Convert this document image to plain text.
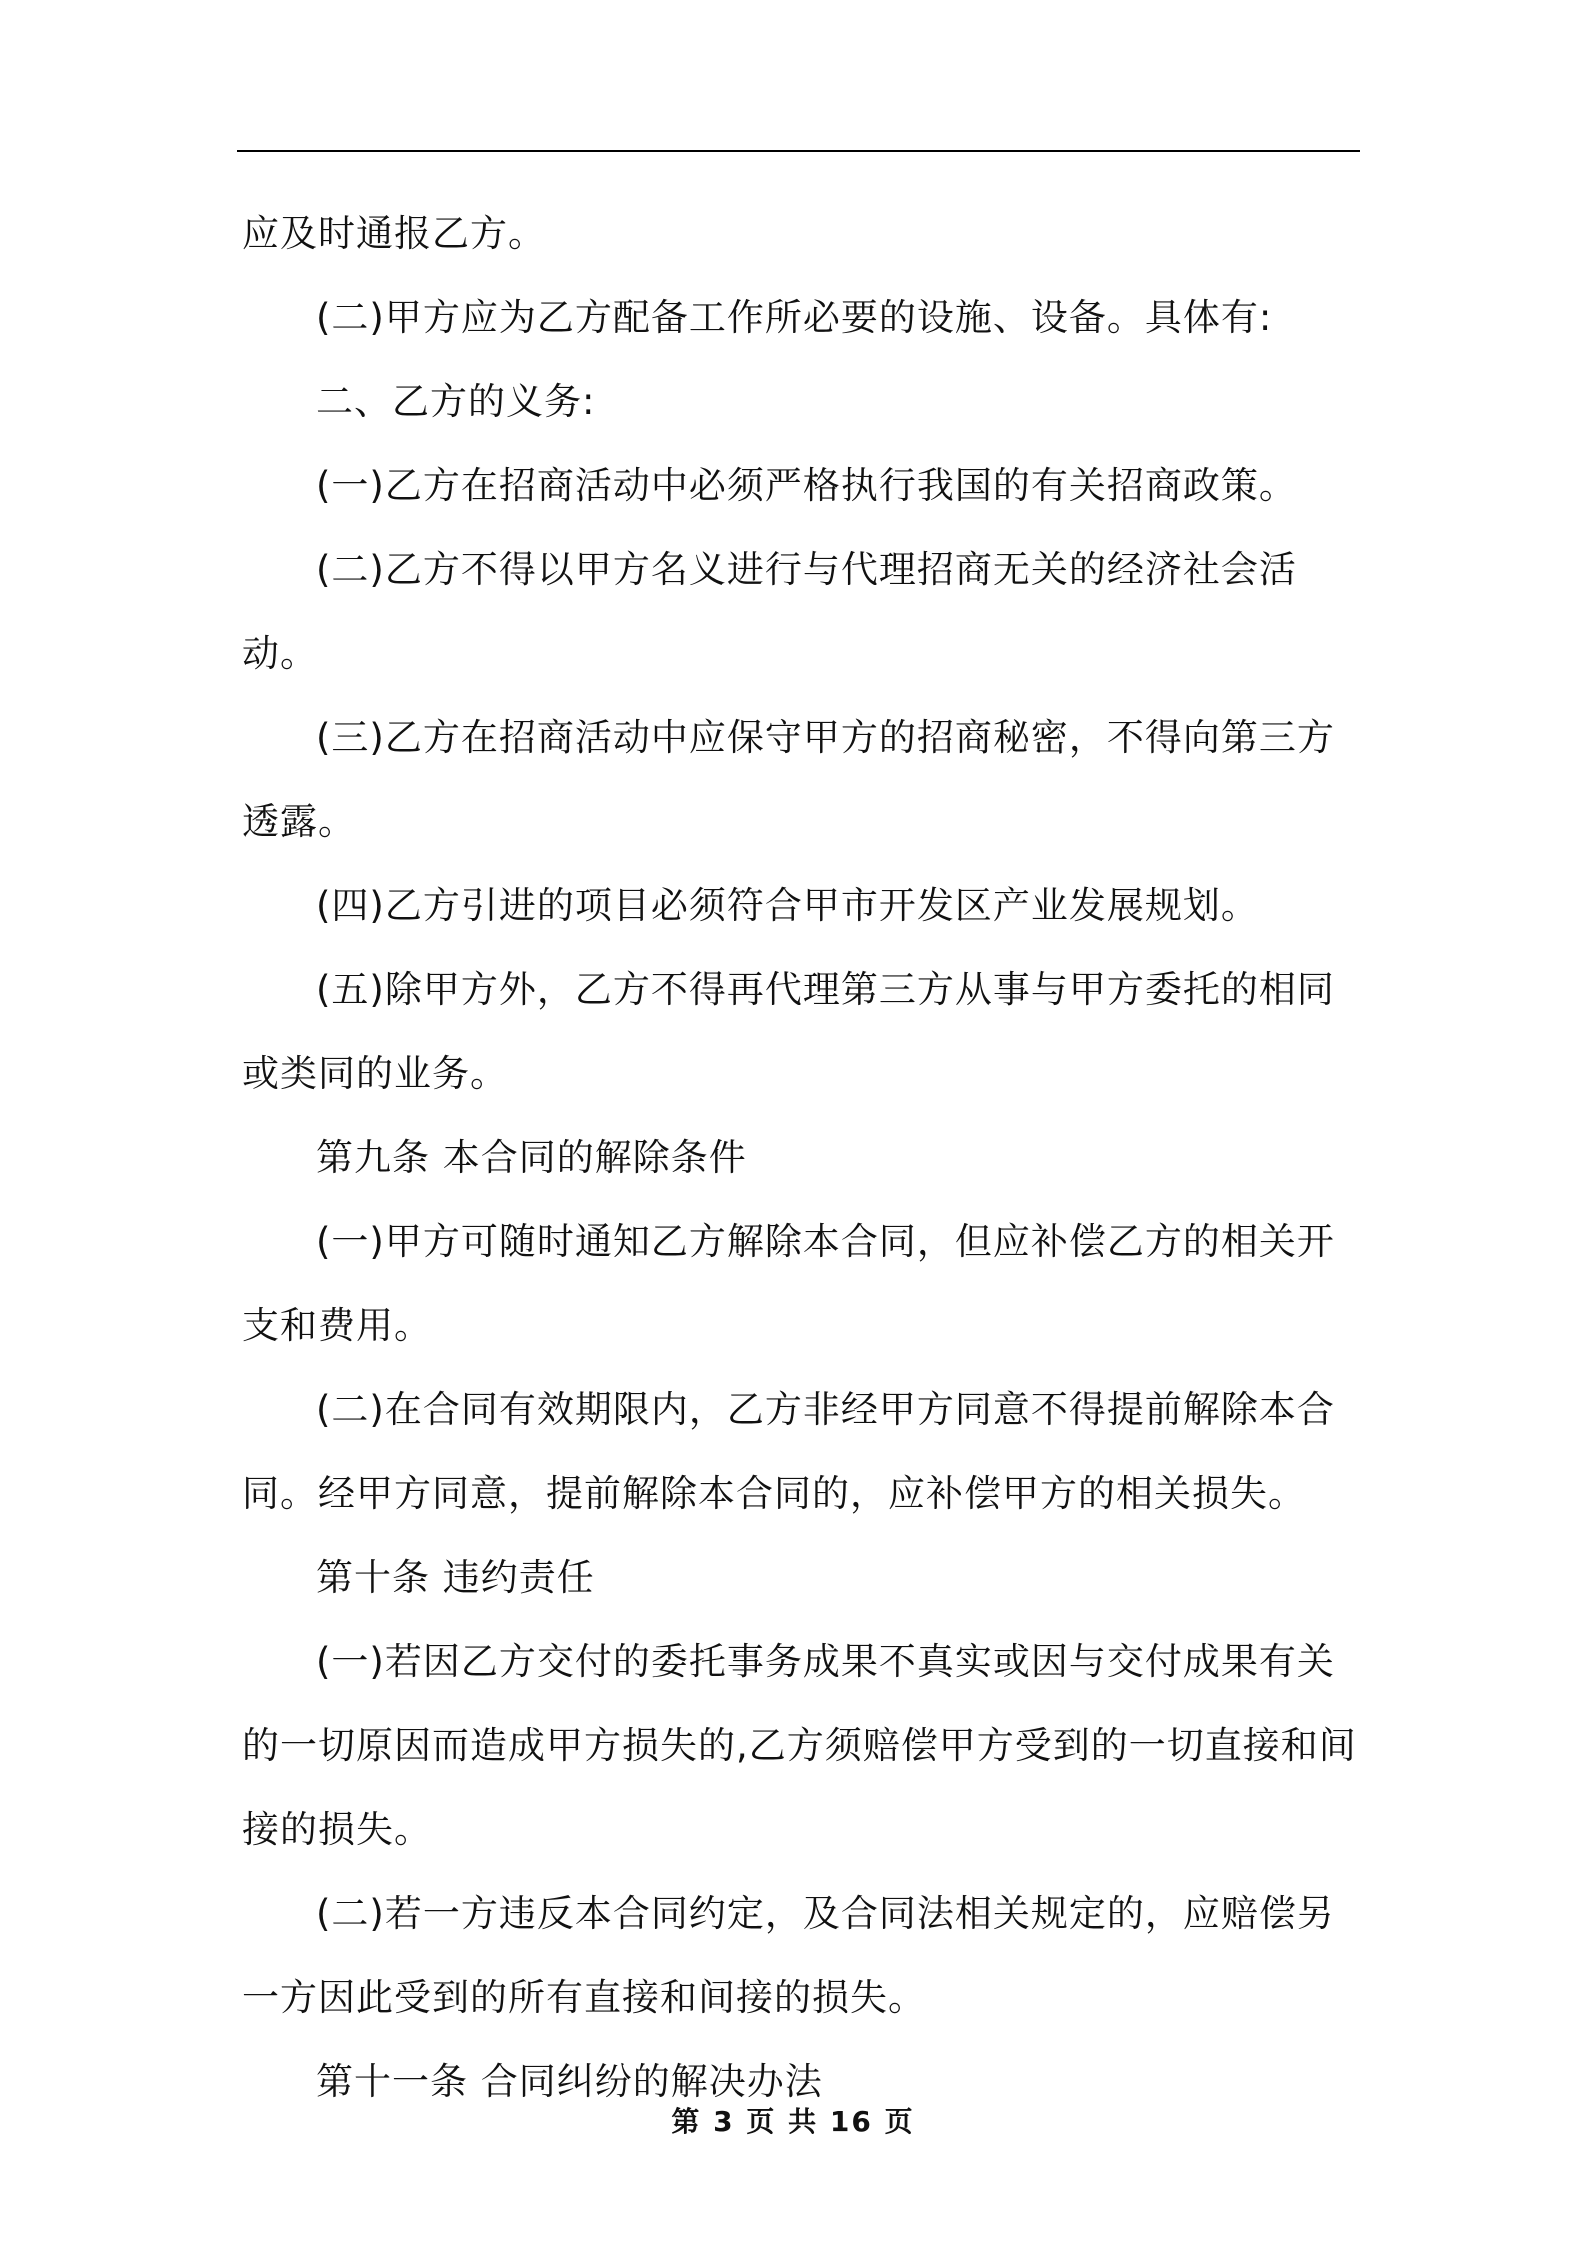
应及时通报乙方。

(二)甲方应为乙方配备工作所必要的设施、设备。具体有:

二、乙方的义务:

(一)乙方在招商活动中必须严格执行我国的有关招商政策。

(二)乙方不得以甲方名义进行与代理招商无关的经济社会活动。

(三)乙方在招商活动中应保守甲方的招商秘密，不得向第三方透露。

(四)乙方引进的项目必须符合甲市开发区产业发展规划。

(五)除甲方外，乙方不得再代理第三方从事与甲方委托的相同或类同的业务。

第九条 本合同的解除条件

(一)甲方可随时通知乙方解除本合同，但应补偿乙方的相关开支和费用。

(二)在合同有效期限内，乙方非经甲方同意不得提前解除本合同。经甲方同意，提前解除本合同的，应补偿甲方的相关损失。

第十条 违约责任

(一)若因乙方交付的委托事务成果不真实或因与交付成果有关的一切原因而造成甲方损失的,乙方须赔偿甲方受到的一切直接和间接的损失。

(二)若一方违反本合同约定，及合同法相关规定的，应赔偿另一方因此受到的所有直接和间接的损失。

第十一条 合同纠纷的解决办法

第 3 页 共 16 页
